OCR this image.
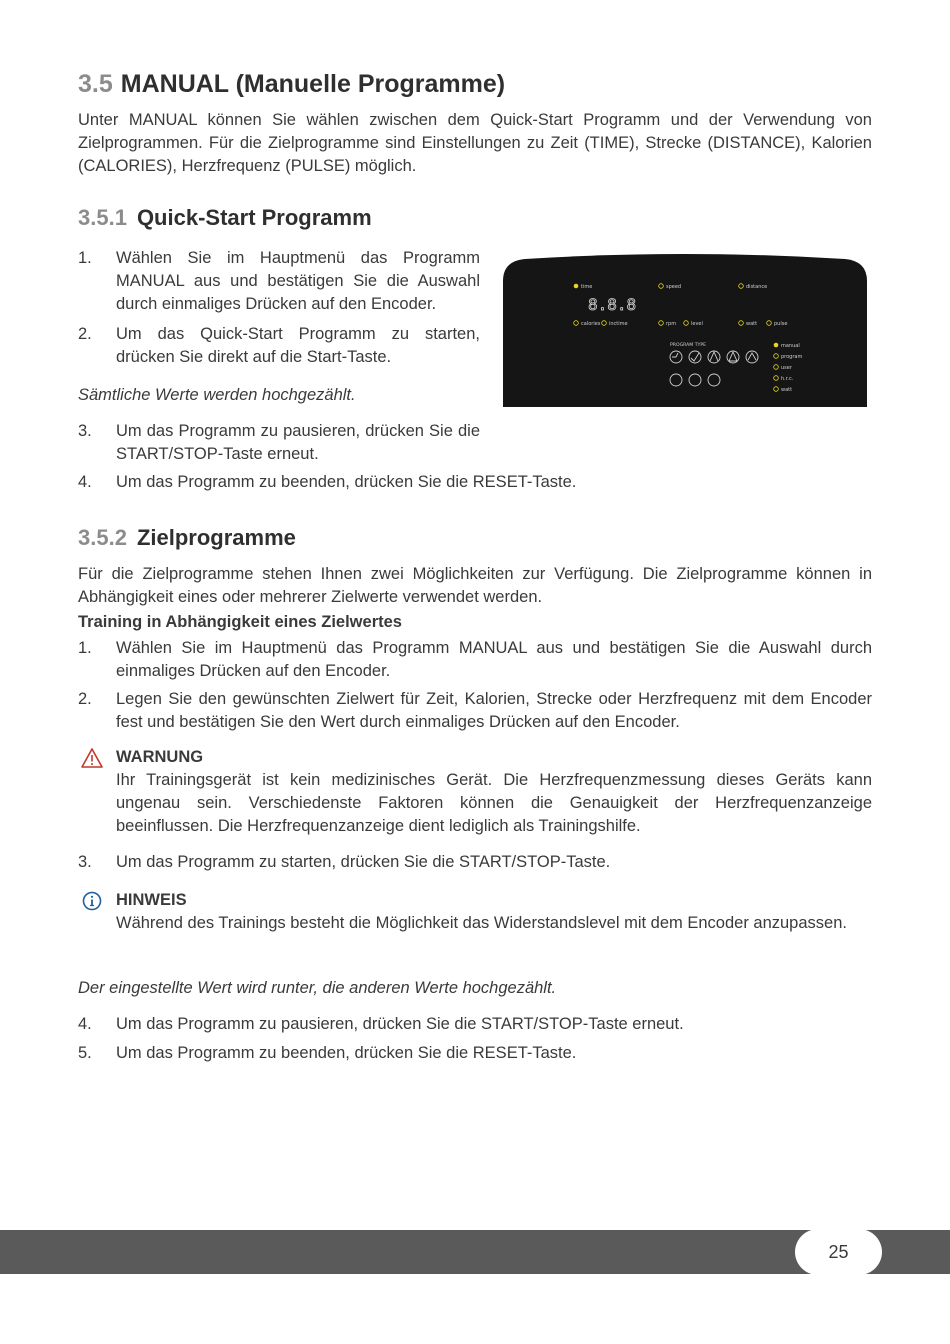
3.5 MANUAL (Manuelle Programme)

Unter MANUAL können Sie wählen zwischen dem Quick-Start Programm und der Verwendung von Zielprogrammen. Für die Zielprogramme sind Einstellungen zu Zeit (TIME), Strecke (DISTANCE), Kalorien (CALORIES), Herzfrequenz (PULSE) möglich.

3.5.1 Quick-Start Programm
1.	Wählen Sie im Hauptmenü das Programm MANUAL aus und bestätigen Sie die Auswahl durch einmaliges Drücken auf den Encoder.
2.	Um das Quick-Start Programm zu starten, drücken Sie direkt auf die Start-Taste.

Sämtliche Werte werden hochgezählt.

3.	Um das Programm zu pausieren, drücken Sie die START/STOP-Taste erneut.
4.	Um das Programm zu beenden, drücken Sie die RESET-Taste.
3.5.2 Zielprogramme

Für die Zielprogramme stehen Ihnen zwei Möglichkeiten zur Verfügung. Die Zielprogramme können in Abhängigkeit eines oder mehrerer Zielwerte verwendet werden.

Training in Abhängigkeit eines Zielwertes

1.	Wählen Sie im Hauptmenü das Programm MANUAL aus und bestätigen Sie die Auswahl durch einmaliges Drücken auf den Encoder.
2.	Legen Sie den gewünschten Zielwert für Zeit, Kalorien, Strecke oder Herzfrequenz mit dem Encoder fest und bestätigen Sie den Wert durch einmaliges Drücken auf den Encoder.
WARNUNG
Ihr Trainingsgerät ist kein medizinisches Gerät. Die Herzfrequenzmessung dieses Geräts kann ungenau sein. Verschiedenste Faktoren können die Genauigkeit der Herzfrequenzanzeige beeinflussen. Die Herzfrequenzanzeige dient lediglich als Trainingshilfe.
3.	Um das Programm zu starten, drücken Sie die START/STOP-Taste.
HINWEIS
Während des Trainings besteht die Möglichkeit das Widerstandslevel mit dem Encoder anzupassen.

Der eingestellte Wert wird runter, die anderen Werte hochgezählt.

4.	Um das Programm zu pausieren, drücken Sie die START/STOP-Taste erneut.
5.	Um das Programm zu beenden, drücken Sie die RESET-Taste.
time	speed	distance
8.8.8
calories inctime	rpm	level	watt	pulse
PROGRAM TYPE	manual
program
user
h.r.c.
watt
25
